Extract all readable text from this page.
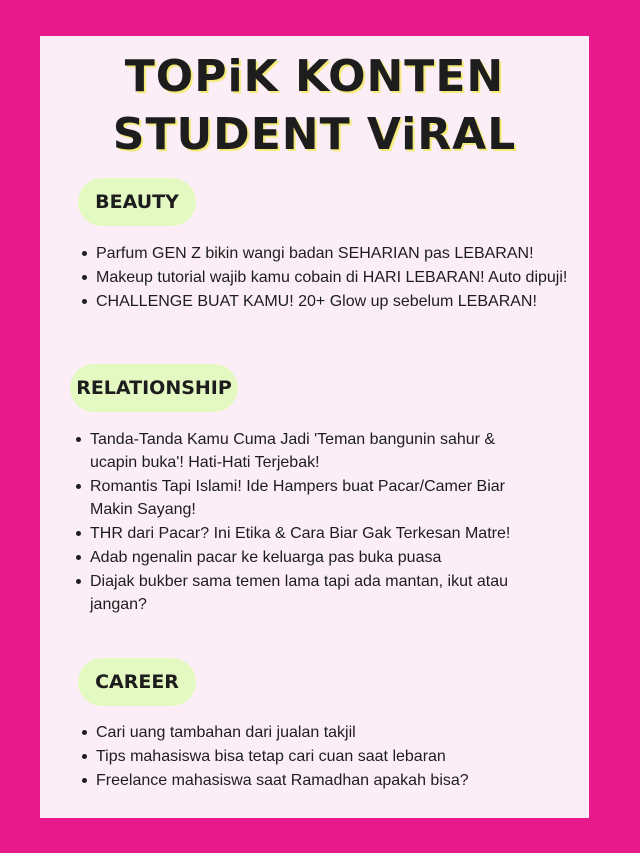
TOPiK KONTEN
STUDENT ViRAL
BEAUTY
Parfum GEN Z bikin wangi badan SEHARIAN pas LEBARAN!
Makeup tutorial wajib kamu cobain di HARI LEBARAN! Auto dipuji!
CHALLENGE BUAT KAMU! 20+ Glow up sebelum LEBARAN!
RELATIONSHIP
Tanda-Tanda Kamu Cuma Jadi 'Teman bangunin sahur & ucapin buka'! Hati-Hati Terjebak!
Romantis Tapi Islami! Ide Hampers buat Pacar/Camer Biar Makin Sayang!
THR dari Pacar? Ini Etika & Cara Biar Gak Terkesan Matre!
Adab ngenalin pacar ke keluarga pas buka puasa
Diajak bukber sama temen lama tapi ada mantan, ikut atau jangan?
CAREER
Cari uang tambahan dari jualan takjil
Tips mahasiswa bisa tetap cari cuan saat lebaran
Freelance mahasiswa saat Ramadhan apakah bisa?
